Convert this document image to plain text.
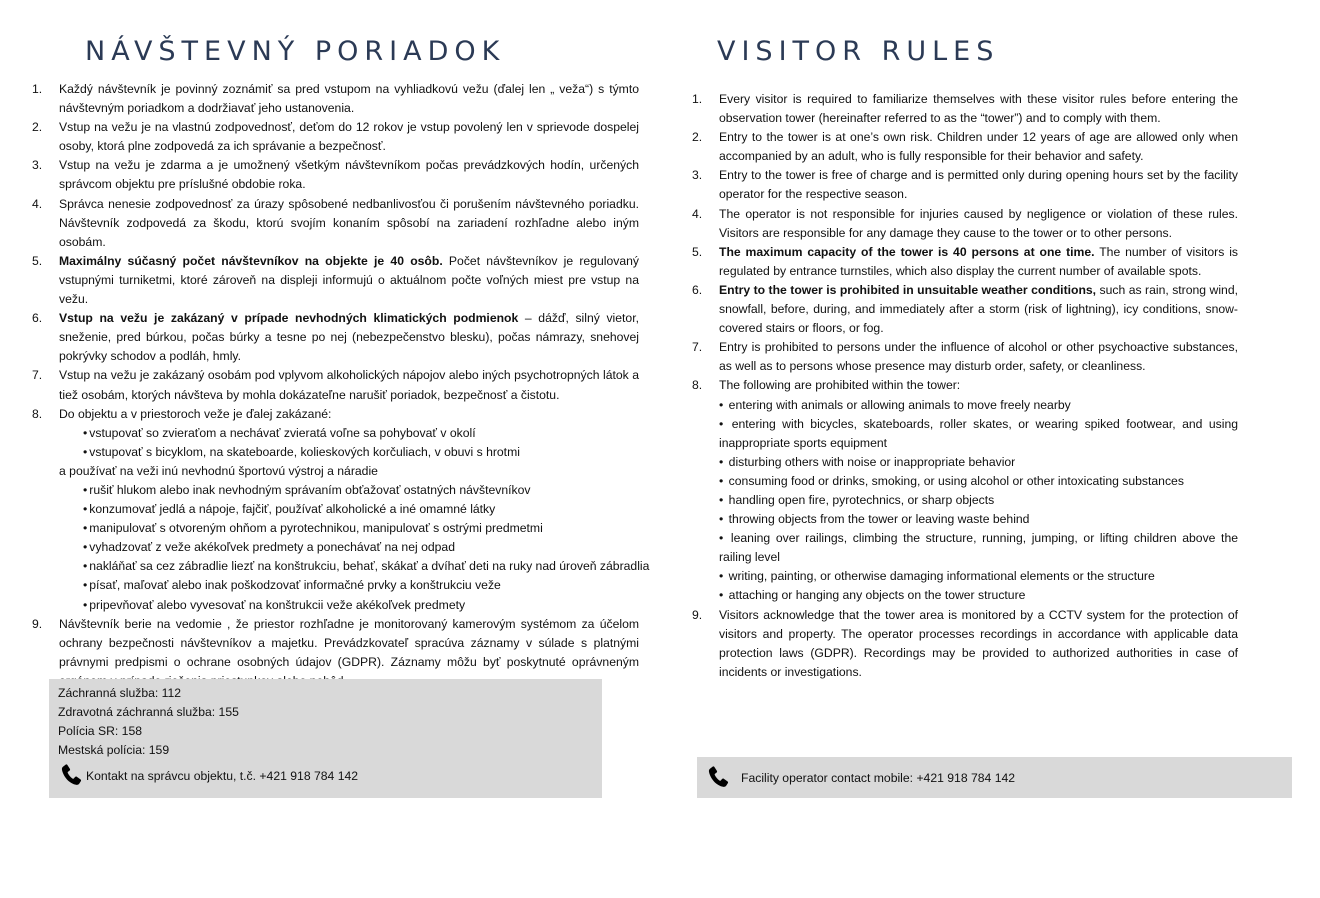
NÁVŠTEVNÝ PORIADOK
1. Každý návštevník je povinný zoznámiť sa pred vstupom na vyhliadkovú vežu (ďalej len „ veža“) s týmto návštevným poriadkom a dodržiavať jeho ustanovenia.
2. Vstup na vežu je na vlastnú zodpovednosť, deťom do 12 rokov je vstup povolený len v sprievode dospelej osoby, ktorá plne zodpovedá za ich správanie a bezpečnosť.
3. Vstup na vežu je zdarma a je umožnený všetkým návštevníkom počas prevádzkových hodín, určených správcom objektu pre príslušné obdobie roka.
4. Správca nenesie zodpovednosť za úrazy spôsobené nedbanlivosťou či porušením návštevného poriadku. Návštevník zodpovedá za škodu, ktorú svojím konaním spôsobí na zariadení rozhľadne alebo iným osobám.
5. Maximálny súčasný počet návštevníkov na objekte je 40 osôb. Počet návštevníkov je regulovaný vstupnými turniketmi, ktoré zároveň na displeji informujú o aktuálnom počte voľných miest pre vstup na vežu.
6. Vstup na vežu je zakázaný v prípade nevhodných klimatických podmienok – dážď, silný vietor, sneženie, pred búrkou, počas búrky a tesne po nej (nebezpečenstvo blesku), počas námrazy, snehovej pokrývky schodov a podláh, hmly.
7. Vstup na vežu je zakázaný osobám pod vplyvom alkoholických nápojov alebo iných psychotropných látok a tiež osobám, ktorých návšteva by mohla dokázateľne narušiť poriadok, bezpečnosť a čistotu.
8. Do objektu a v priestoroch veže je ďalej zakázané:
• vstupovať so zvieraťom a nechávať zvieratá voľne sa pohybovať v okolí
• vstupovať s bicyklom, na skateboarde, kolieskových korčuliach, v obuvi s hrotmi
a používať na veži inú nevhodnú športovú výstroj a náradie
• rušiť hlukom alebo inak nevhodným správaním obťažovať ostatných návštevníkov
• konzumovať jedlá a nápoje, fajčiť, používať alkoholické a iné omamné látky
• manipulovať s otvoreným ohňom a pyrotechnikou, manipulovať s ostrými predmetmi
• vyhadzovať z veže akékoľvek predmety a ponechávať na nej odpad
• nakláňať sa cez zábradlie liezť na konštrukciu, behať, skákať a dvíhať deti na ruky nad úroveň zábradlia
• písať, maľovať alebo inak poškodzovať informačné prvky a konštrukciu veže
• pripevňovať alebo vyvesovať na konštrukcii veže akékoľvek predmety
9. Návštevník berie na vedomie , že priestor rozhľadne je monitorovaný kamerovým systémom za účelom ochrany bezpečnosti návštevníkov a majetku. Prevádzkovateľ spracúva záznamy v súlade s platnými právnymi predpismi o ochrane osobných údajov (GDPR). Záznamy môžu byť poskytnuté oprávneným
Záchranná služba: 112
Zdravotná záchranná služba: 155
Polícia SR: 158
Mestská polícia: 159
Kontakt na správcu objektu, t.č. +421 918 784 142
VISITOR RULES
1. Every visitor is required to familiarize themselves with these visitor rules before entering the observation tower (hereinafter referred to as the “tower”) and to comply with them.
2. Entry to the tower is at one’s own risk. Children under 12 years of age are allowed only when accompanied by an adult, who is fully responsible for their behavior and safety.
3. Entry to the tower is free of charge and is permitted only during opening hours set by the facility operator for the respective season.
4. The operator is not responsible for injuries caused by negligence or violation of these rules. Visitors are responsible for any damage they cause to the tower or to other persons.
5. The maximum capacity of the tower is 40 persons at one time. The number of visitors is regulated by entrance turnstiles, which also display the current number of available spots.
6. Entry to the tower is prohibited in unsuitable weather conditions, such as rain, strong wind, snowfall, before, during, and immediately after a storm (risk of lightning), icy conditions, snow-covered stairs or floors, or fog.
7. Entry is prohibited to persons under the influence of alcohol or other psychoactive substances, as well as to persons whose presence may disturb order, safety, or cleanliness.
8. The following are prohibited within the tower:
• entering with animals or allowing animals to move freely nearby
• entering with bicycles, skateboards, roller skates, or wearing spiked footwear, and using inappropriate sports equipment
• disturbing others with noise or inappropriate behavior
• consuming food or drinks, smoking, or using alcohol or other intoxicating substances
• handling open fire, pyrotechnics, or sharp objects
• throwing objects from the tower or leaving waste behind
• leaning over railings, climbing the structure, running, jumping, or lifting children above the railing level
• writing, painting, or otherwise damaging informational elements or the structure
• attaching or hanging any objects on the tower structure
9. Visitors acknowledge that the tower area is monitored by a CCTV system for the protection of visitors and property. The operator processes recordings in accordance with applicable data protection laws (GDPR). Recordings may be provided to authorized authorities in case of incidents or investigations.
Facility operator contact mobile: +421 918 784 142
